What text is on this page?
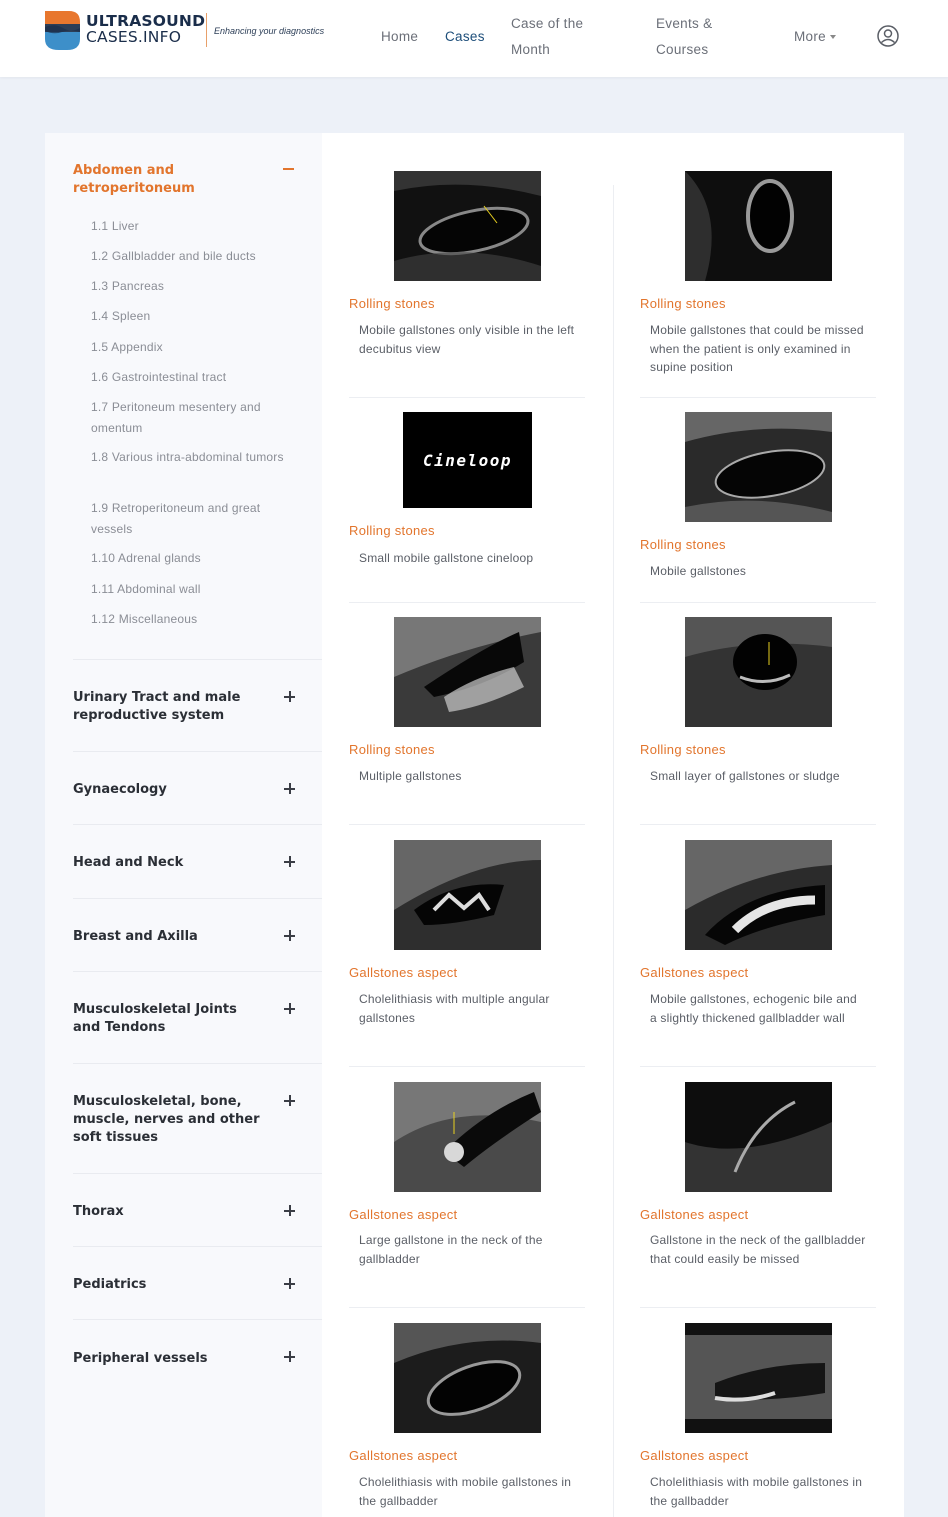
ULTRASOUND
CASES.INFO	Enhancing your diagnostics	Home Cases
Case of the Month
Events & Courses
More
Abdomen and retroperitoneum
1.1 Liver
1.2 Gallbladder and bile ducts
1.3 Pancreas
1.4 Spleen
1.5 Appendix
1.6 Gastrointestinal tract
1.7 Peritoneum mesentery and omentum
1.8 Various intra-abdominal tumors
1.9 Retroperitoneum and great vessels
1.10 Adrenal glands
1.11 Abdominal wall
1.12 Miscellaneous
Urinary Tract and male reproductive system
Gynaecology
Head and Neck
Breast and Axilla
Musculoskeletal Joints and Tendons
Musculoskeletal, bone, muscle, nerves and other soft tissues
Thorax
Pediatrics
Peripheral vessels
Rolling stones
Mobile gallstones only visible in the left decubitus view
Rolling stones
Mobile gallstones that could be missed when the patient is only examined in supine position
Cineloop
Rolling stones
Small mobile gallstone cineloop
Rolling stones
Mobile gallstones
Rolling stones
Multiple gallstones
Rolling stones
Small layer of gallstones or sludge
Gallstones aspect
Cholelithiasis with multiple angular gallstones
Gallstones aspect
Mobile gallstones, echogenic bile and a slightly thickened gallbladder wall
Gallstones aspect
Large gallstone in the neck of the gallbladder
Gallstones aspect
Gallstone in the neck of the gallbladder that could easily be missed
Gallstones aspect
Cholelithiasis with mobile gallstones in the gallbadder
Gallstones aspect
Cholelithiasis with mobile gallstones in the gallbadder
